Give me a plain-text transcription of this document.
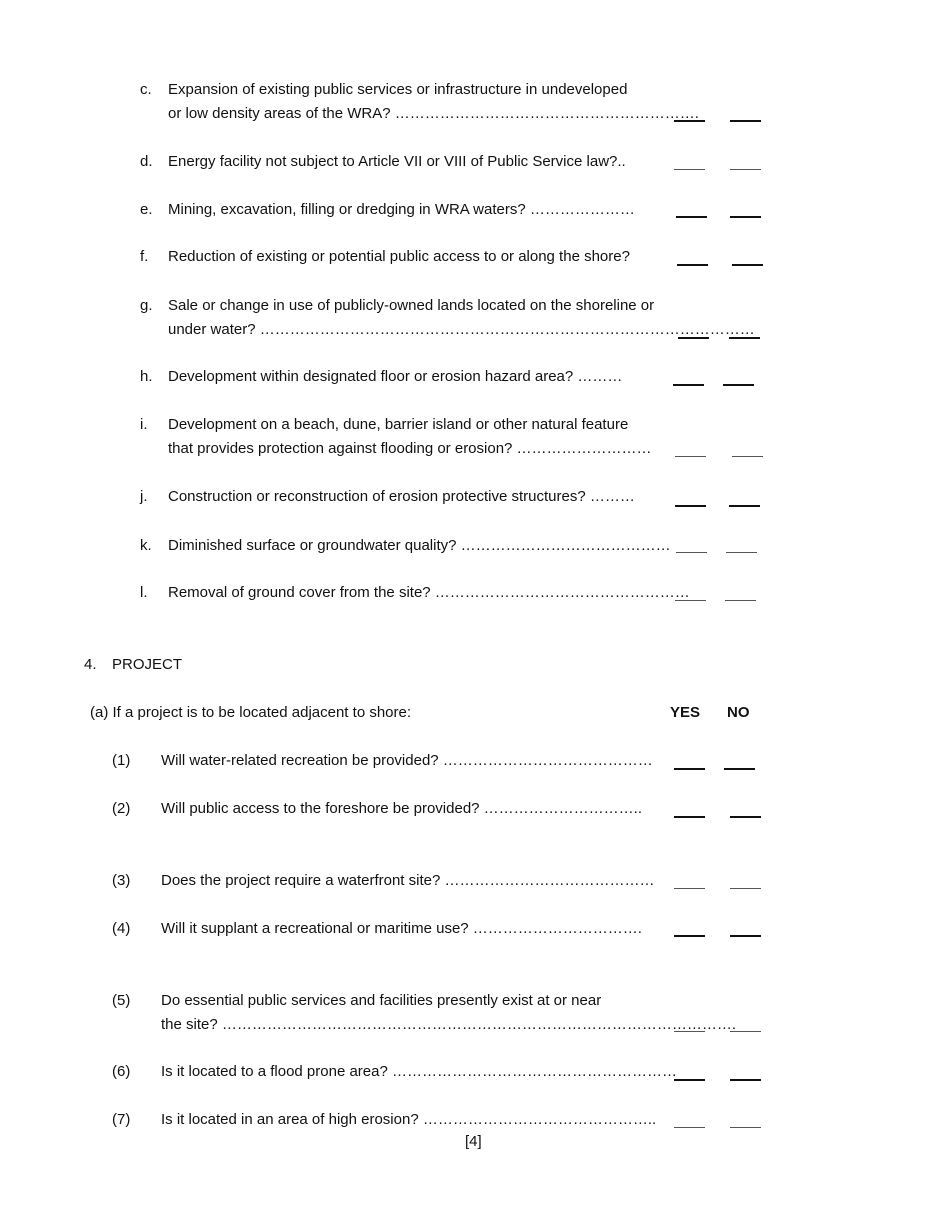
c. Expansion of existing public services or infrastructure in undeveloped
or low density areas of the WRA? …………………………………………………….
d. Energy facility not subject to Article VII or VIII of Public Service law?..
e. Mining, excavation, filling or dredging in WRA waters? …………………
f. Reduction of existing or potential public access to or along the shore?
g. Sale or change in use of publicly-owned lands located on the shoreline or
under water? ………………………………………………………………………………………
h. Development within designated floor or erosion hazard area? ………
i. Development on a beach, dune, barrier island or other natural feature
that provides protection against flooding or erosion? ………………………
j. Construction or reconstruction of erosion protective structures? ………
k. Diminished surface or groundwater quality? ……………………………………
l. Removal of ground cover from the site? ……………………………………………
4. PROJECT
(a) If a project is to be located adjacent to shore:	YES NO
(1) Will water-related recreation be provided? ……………………………………
(2) Will public access to the foreshore be provided? …………………………..
(3) Does the project require a waterfront site? ……………………………………
(4) Will it supplant a recreational or maritime use? …………………………….
(5) Do essential public services and facilities presently exist at or near
the site? ………………………………………………………………………………………….
(6) Is it located to a flood prone area? …………………………………………………
(7) Is it located in an area of high erosion? ………………………………………..
[4]
